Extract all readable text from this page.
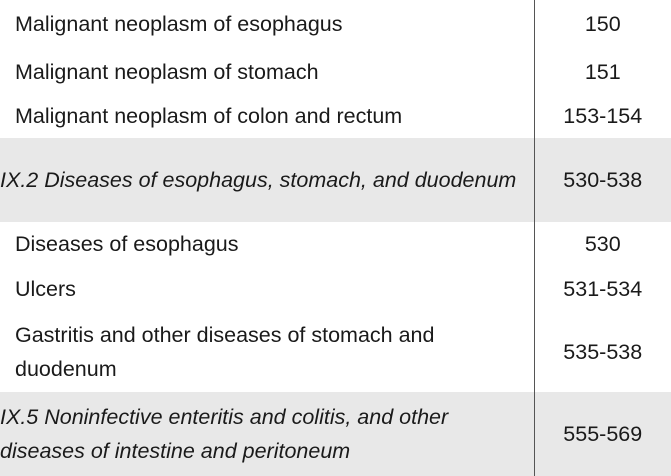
Malignant neoplasm of esophagus	150
Malignant neoplasm of stomach	151
Malignant neoplasm of colon and rectum	153-154

IX.2 Diseases of esophagus, stomach, and duodenum	530-538
Diseases of esophagus	530
Ulcers	531-534

Gastritis and other diseases of stomach and duodenum	535-538

IX.5 Noninfective enteritis and colitis, and other diseases of intestine and peritoneum	555-569
